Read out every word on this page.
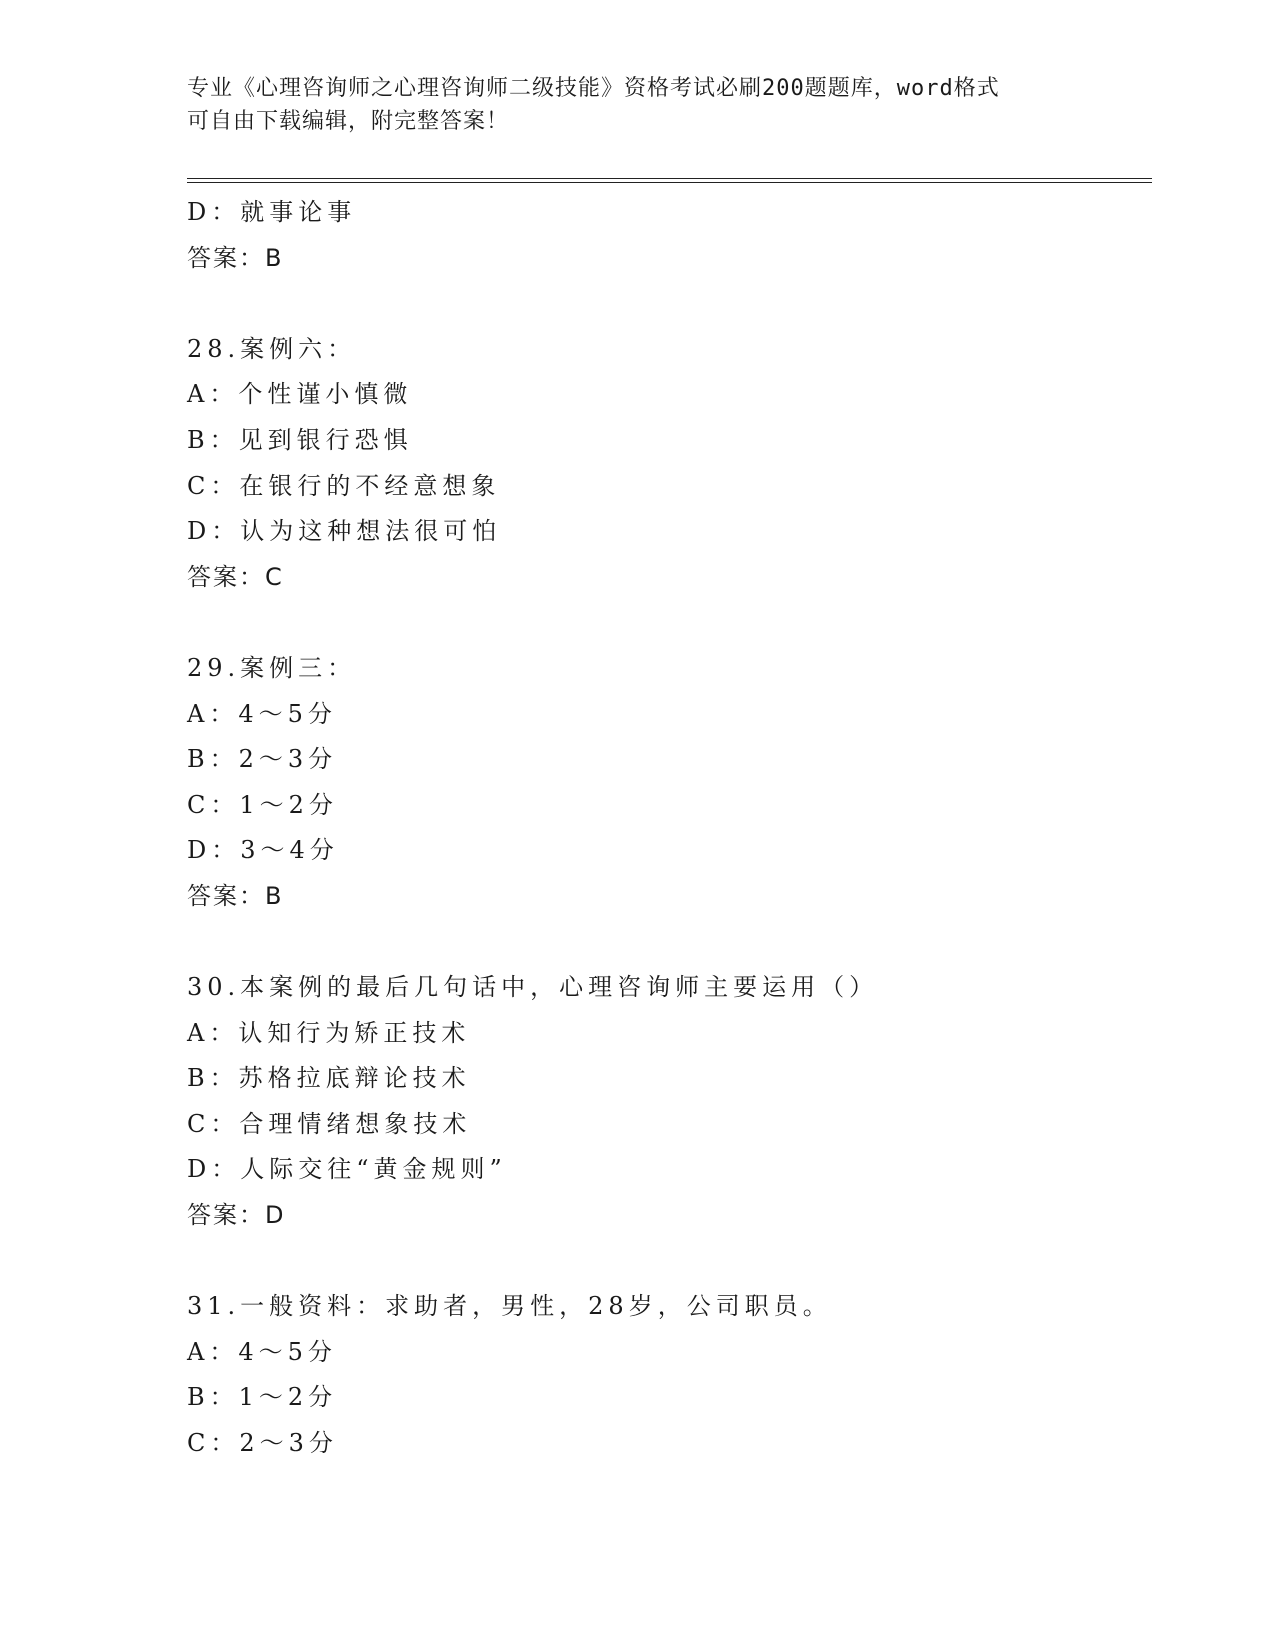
专业《心理咨询师之心理咨询师二级技能》资格考试必刷200题题库，word格式
可自由下载编辑，附完整答案！
D：就事论事
答案：B
28.案例六：
A：个性谨小慎微
B：见到银行恐惧
C：在银行的不经意想象
D：认为这种想法很可怕
答案：C
29.案例三：
A：4～5分
B：2～3分
C：1～2分
D：3～4分
答案：B
30.本案例的最后几句话中，心理咨询师主要运用（）
A：认知行为矫正技术
B：苏格拉底辩论技术
C：合理情绪想象技术
D：人际交往“黄金规则”
答案：D
31.一般资料：求助者，男性，28岁，公司职员。
A：4～5分
B：1～2分
C：2～3分
